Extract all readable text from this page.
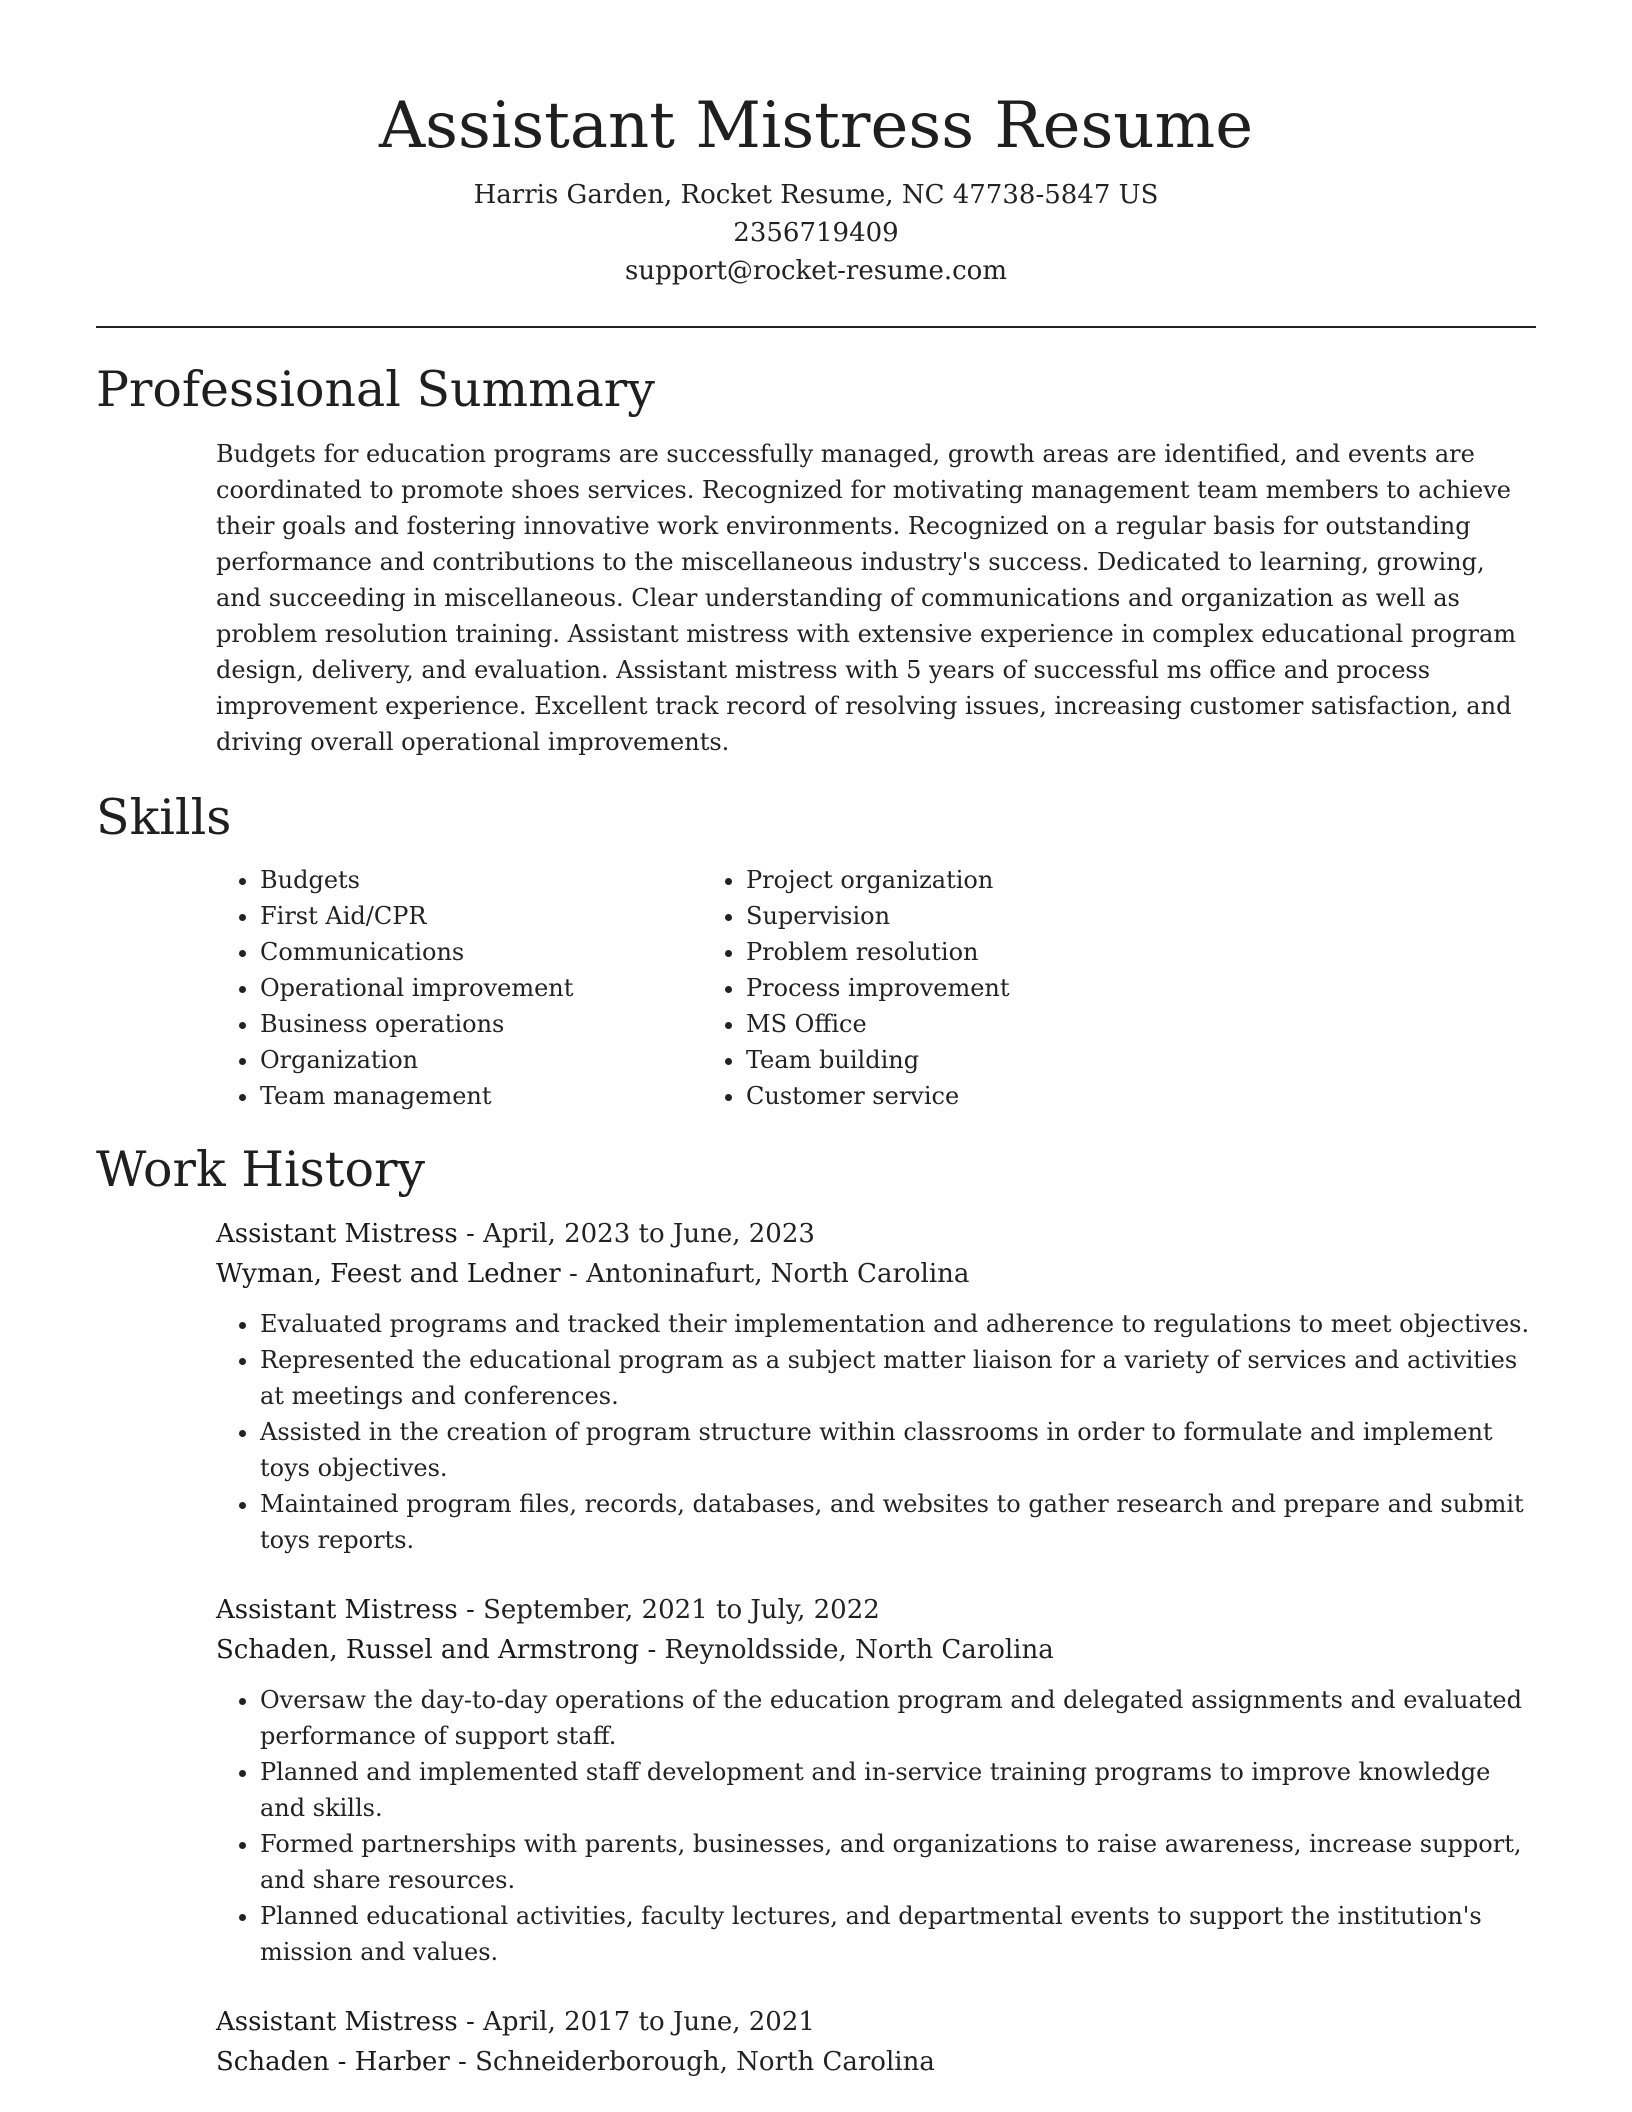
Assistant Mistress Resume

Harris Garden, Rocket Resume, NC 47738-5847 US

2356719409

support@rocket-resume.com

Professional Summary

Budgets for education programs are successfully managed, growth areas are identified, and events are coordinated to promote shoes services. Recognized for motivating management team members to achieve their goals and fostering innovative work environments. Recognized on a regular basis for outstanding performance and contributions to the miscellaneous industry's success. Dedicated to learning, growing, and succeeding in miscellaneous. Clear understanding of communications and organization as well as problem resolution training. Assistant mistress with extensive experience in complex educational program design, delivery, and evaluation. Assistant mistress with 5 years of successful ms office and process improvement experience. Excellent track record of resolving issues, increasing customer satisfaction, and driving overall operational improvements.

Skills
• Budgets
• First Aid/CPR
• Communications
• Operational improvement
• Business operations
• Organization
• Team management
• Project organization
• Supervision
• Problem resolution
• Process improvement
• MS Office
• Team building
• Customer service
Work History

Assistant Mistress - April, 2023 to June, 2023

Wyman, Feest and Ledner - Antoninafurt, North Carolina

• Evaluated programs and tracked their implementation and adherence to regulations to meet objectives.
• Represented the educational program as a subject matter liaison for a variety of services and activities at meetings and conferences.
• Assisted in the creation of program structure within classrooms in order to formulate and implement toys objectives.
• Maintained program files, records, databases, and websites to gather research and prepare and submit toys reports.

Assistant Mistress - September, 2021 to July, 2022

Schaden, Russel and Armstrong - Reynoldsside, North Carolina

• Oversaw the day-to-day operations of the education program and delegated assignments and evaluated performance of support staff.
• Planned and implemented staff development and in-service training programs to improve knowledge and skills.
• Formed partnerships with parents, businesses, and organizations to raise awareness, increase support, and share resources.
• Planned educational activities, faculty lectures, and departmental events to support the institution's mission and values.

Assistant Mistress - April, 2017 to June, 2021

Schaden - Harber - Schneiderborough, North Carolina
